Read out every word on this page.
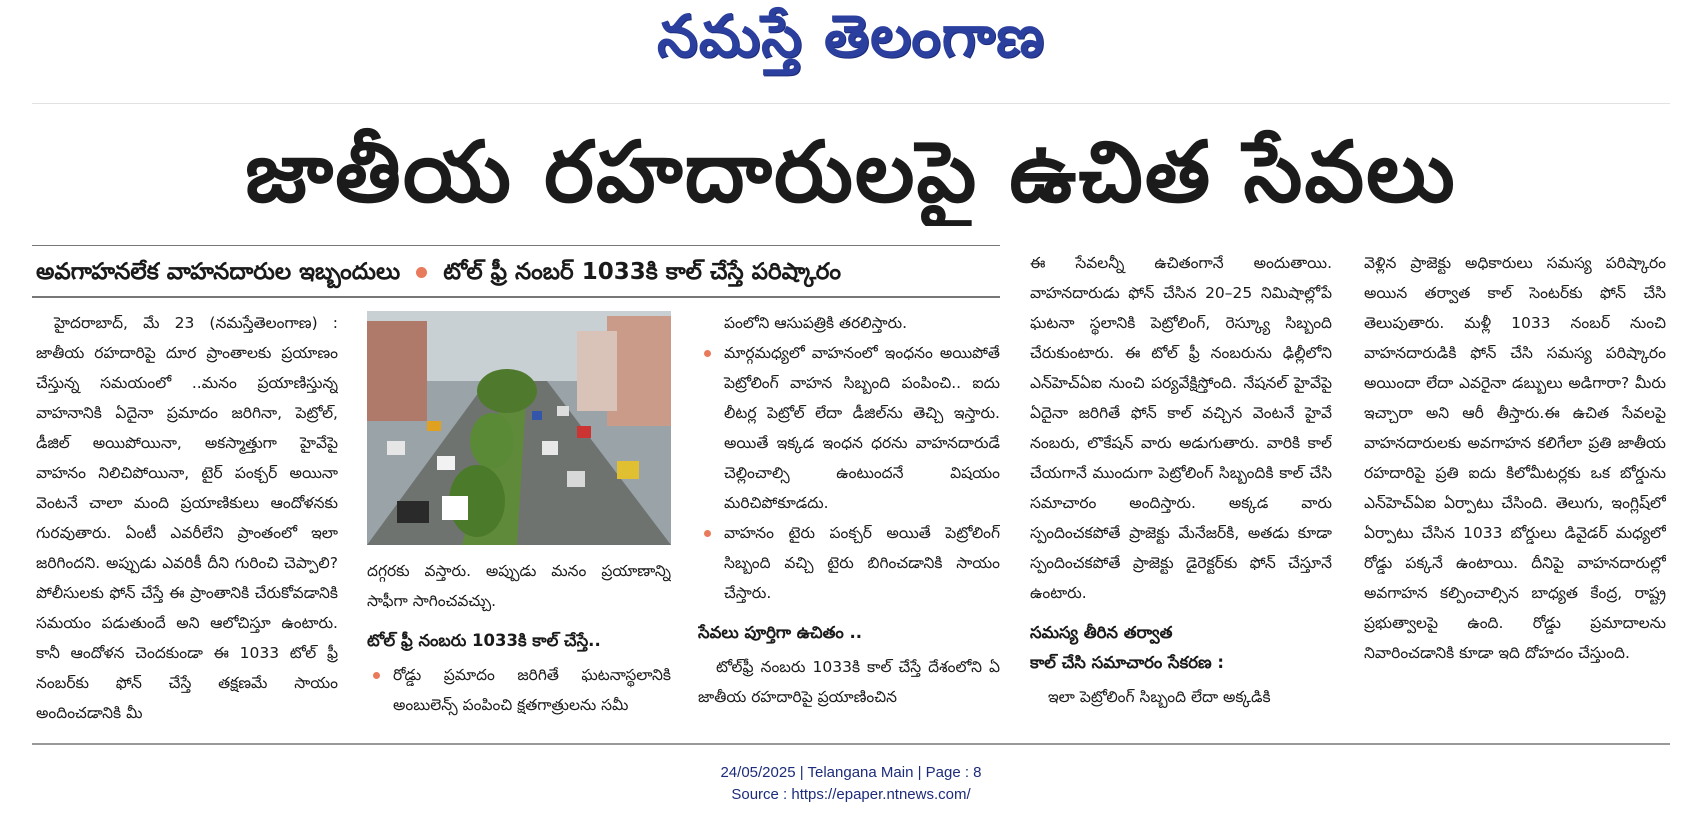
నమస్తే తెలంగాణ
జాతీయ రహదారులపై ఉచిత సేవలు
అవగాహనలేక వాహనదారుల ఇబ్బందులు టోల్ ఫ్రీ నంబర్ 1033కి కాల్ చేస్తే పరిష్కారం

హైదరాబాద్, మే 23 (నమస్తేతెలంగాణ) : జాతీయ రహదారిపై దూర ప్రాంతాలకు ప్రయాణం చేస్తున్న సమయంలో ..మనం ప్రయాణిస్తున్న వాహనానికి ఏదైనా ప్రమాదం జరిగినా, పెట్రోల్, డీజిల్ అయిపోయినా, అకస్మాత్తుగా హైవేపై వాహనం నిలిచిపోయినా, టైర్ పంక్చర్ అయినా వెంటనే చాలా మంది ప్రయాణికులు ఆందోళనకు గురవుతారు. ఏంటీ ఎవరీలేని ప్రాంతంలో ఇలా జరిగిందని. అప్పుడు ఎవరికీ దీని గురించి చెప్పాలి? పోలీసులకు ఫోన్ చేస్తే ఈ ప్రాంతానికి చేరుకోవడానికి సమయం పడుతుందే అని ఆలోచిస్తూ ఉంటారు. కానీ ఆందోళన చెందకుండా ఈ 1033 టోల్ ఫ్రీ నంబర్‌కు ఫోన్ చేస్తే తక్షణమే సాయం అందించడానికి మీ

దగ్గరకు వస్తారు. అప్పుడు మనం ప్రయాణాన్ని సాఫీగా సాగించవచ్చు.

టోల్ ఫ్రీ నంబరు 1033కి కాల్ చేస్తే..

రోడ్డు ప్రమాదం జరిగితే ఘటనాస్థలానికి అంబులెన్స్ పంపించి క్షతగాత్రులను సమీ

పంలోని ఆసుపత్రికి తరలిస్తారు.

మార్గమధ్యలో వాహనంలో ఇంధనం అయిపోతే పెట్రోలింగ్ వాహన సిబ్బంది పంపించి.. ఐదు లీటర్ల పెట్రోల్ లేదా డీజిల్‌ను తెచ్చి ఇస్తారు. అయితే ఇక్కడ ఇంధన ధరను వాహనదారుడే చెల్లించాల్సి ఉంటుందనే విషయం మరిచిపోకూడదు.

వాహనం టైరు పంక్చర్ అయితే పెట్రోలింగ్ సిబ్బంది వచ్చి టైరు బిగించడానికి సాయం చేస్తారు.

సేవలు పూర్తిగా ఉచితం ..

టోల్‌ఫ్రీ నంబరు 1033కి కాల్ చేస్తే దేశంలోని ఏ జాతీయ రహదారిపై ప్రయాణించిన

ఈ సేవలన్నీ ఉచితంగానే అందుతాయి. వాహనదారుడు ఫోన్ చేసిన 20–25 నిమిషాల్లోపే ఘటనా స్థలానికి పెట్రోలింగ్, రెస్క్యూ సిబ్బంది చేరుకుంటారు. ఈ టోల్ ఫ్రీ నంబరును ఢిల్లీలోని ఎన్‌హెచ్‌ఏఐ నుంచి పర్యవేక్షిస్తోంది. నేషనల్ హైవేపై ఏదైనా జరిగితే ఫోన్ కాల్ వచ్చిన వెంటనే హైవే నంబరు, లొకేషన్ వారు అడుగుతారు. వారికి కాల్ చేయగానే ముందుగా పెట్రోలింగ్ సిబ్బందికి కాల్ చేసి సమాచారం అందిస్తారు. అక్కడ వారు స్పందించకపోతే ప్రాజెక్టు మేనేజర్‌కి, అతడు కూడా స్పందించకపోతే ప్రాజెక్టు డైరెక్టర్‌కు ఫోన్ చేస్తూనే ఉంటారు.

సమస్య తీరిన తర్వాత
కాల్ చేసి సమాచారం సేకరణ :

ఇలా పెట్రోలింగ్ సిబ్బంది లేదా అక్కడికి

వెళ్లిన ప్రాజెక్టు అధికారులు సమస్య పరిష్కారం అయిన తర్వాత కాల్ సెంటర్‌కు ఫోన్ చేసి తెలుపుతారు. మళ్లీ 1033 నంబర్ నుంచి వాహనదారుడికి ఫోన్ చేసి సమస్య పరిష్కారం అయిందా లేదా ఎవరైనా డబ్బులు అడిగారా? మీరు ఇచ్చారా అని ఆరీ తీస్తారు.ఈ ఉచిత సేవలపై వాహనదారులకు అవగాహన కలిగేలా ప్రతి జాతీయ రహదారిపై ప్రతి ఐదు కిలోమీటర్లకు ఒక బోర్డును ఎన్‌హెచ్‌ఏఐ ఏర్పాటు చేసింది. తెలుగు, ఇంగ్లిష్‌లో ఏర్పాటు చేసిన 1033 బోర్డులు డివైడర్ మధ్యలో రోడ్డు పక్కనే ఉంటాయి. దీనిపై వాహనదారుల్లో అవగాహన కల్పించాల్సిన బాధ్యత కేంద్ర, రాష్ట్ర ప్రభుత్వాలపై ఉంది. రోడ్డు ప్రమాదాలను నివారించడానికి కూడా ఇది దోహదం చేస్తుంది.

24/05/2025 | Telangana Main | Page : 8
Source : https://epaper.ntnews.com/
